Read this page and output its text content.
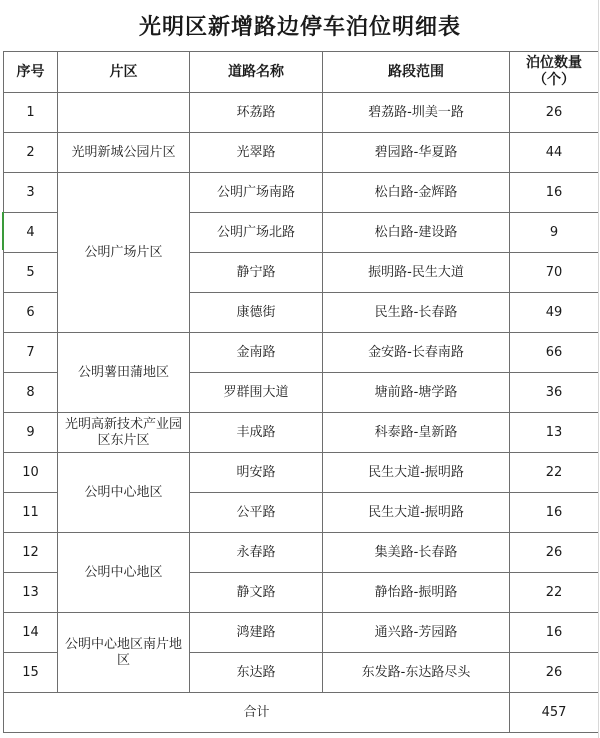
光明区新增路边停车泊位明细表
序号	片区	道路名称	路段范围	泊位数量
（个）
1		环荔路	碧荔路-圳美一路	26
2	光明新城公园片区	光翠路	碧园路-华夏路	44
3	公明广场片区	公明广场南路	松白路-金辉路	16
4		公明广场北路	松白路-建设路	9
5		静宁路	振明路-民生大道	70
6		康德街	民生路-长春路	49
7	公明薯田蒲地区	金南路	金安路-长春南路	66
8		罗群围大道	塘前路-塘学路	36
9	光明高新技术产业园区东片区	丰成路	科泰路-皇新路	13
10	公明中心地区	明安路	民生大道-振明路	22
11		公平路	民生大道-振明路	16
12	公明中心地区	永春路	集美路-长春路	26
13		静文路	静怡路-振明路	22
14	公明中心地区南片地区	鸿建路	通兴路-芳园路	16
15		东达路	东发路-东达路尽头	26
合计				457
